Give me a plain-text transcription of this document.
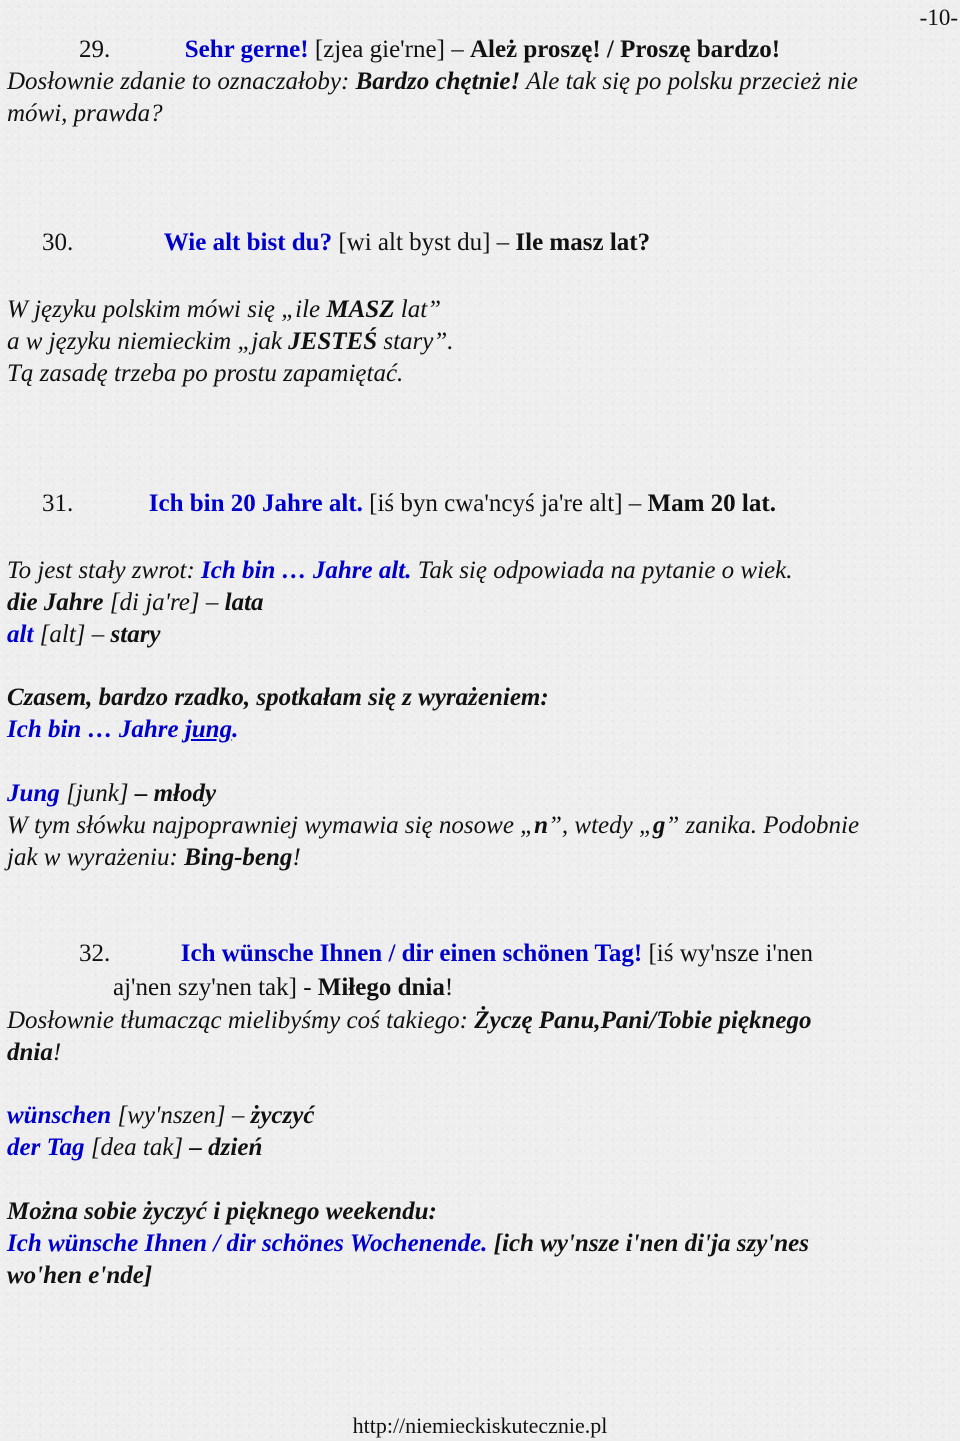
-10-
29.	Sehr gerne! [zjea gie'rne] – Ależ proszę! / Proszę bardzo!
Dosłownie zdanie to oznaczałoby: Bardzo chętnie! Ale tak się po polsku przecież nie
mówi, prawda?
30.	Wie alt bist du? [wi alt byst du] – Ile masz lat?
W języku polskim mówi się „ile MASZ lat”
a w języku niemieckim „jak JESTEŚ stary”.
Tą zasadę trzeba po prostu zapamiętać.
31.	Ich bin 20 Jahre alt. [iś byn cwa'ncyś ja're alt] – Mam 20 lat.
To jest stały zwrot: Ich bin … Jahre alt. Tak się odpowiada na pytanie o wiek.
die Jahre [di ja're] – lata
alt [alt] – stary
Czasem, bardzo rzadko, spotkałam się z wyrażeniem:
Ich bin … Jahre jung.
Jung [junk] – młody
W tym słówku najpoprawniej wymawia się nosowe „n”, wtedy „g” zanika. Podobnie
jak w wyrażeniu: Bing-beng!
32.	Ich wünsche Ihnen / dir einen schönen Tag! [iś wy'nsze i'nen
aj'nen szy'nen tak] - Miłego dnia!
Dosłownie tłumacząc mielibyśmy coś takiego: Życzę Panu,Pani/Tobie pięknego
dnia!
wünschen [wy'nszen] – życzyć
der Tag [dea tak] – dzień
Można sobie życzyć i pięknego weekendu:
Ich wünsche Ihnen / dir schönes Wochenende. [ich wy'nsze i'nen di'ja szy'nes
wo'hen e'nde]
http://niemieckiskutecznie.pl
